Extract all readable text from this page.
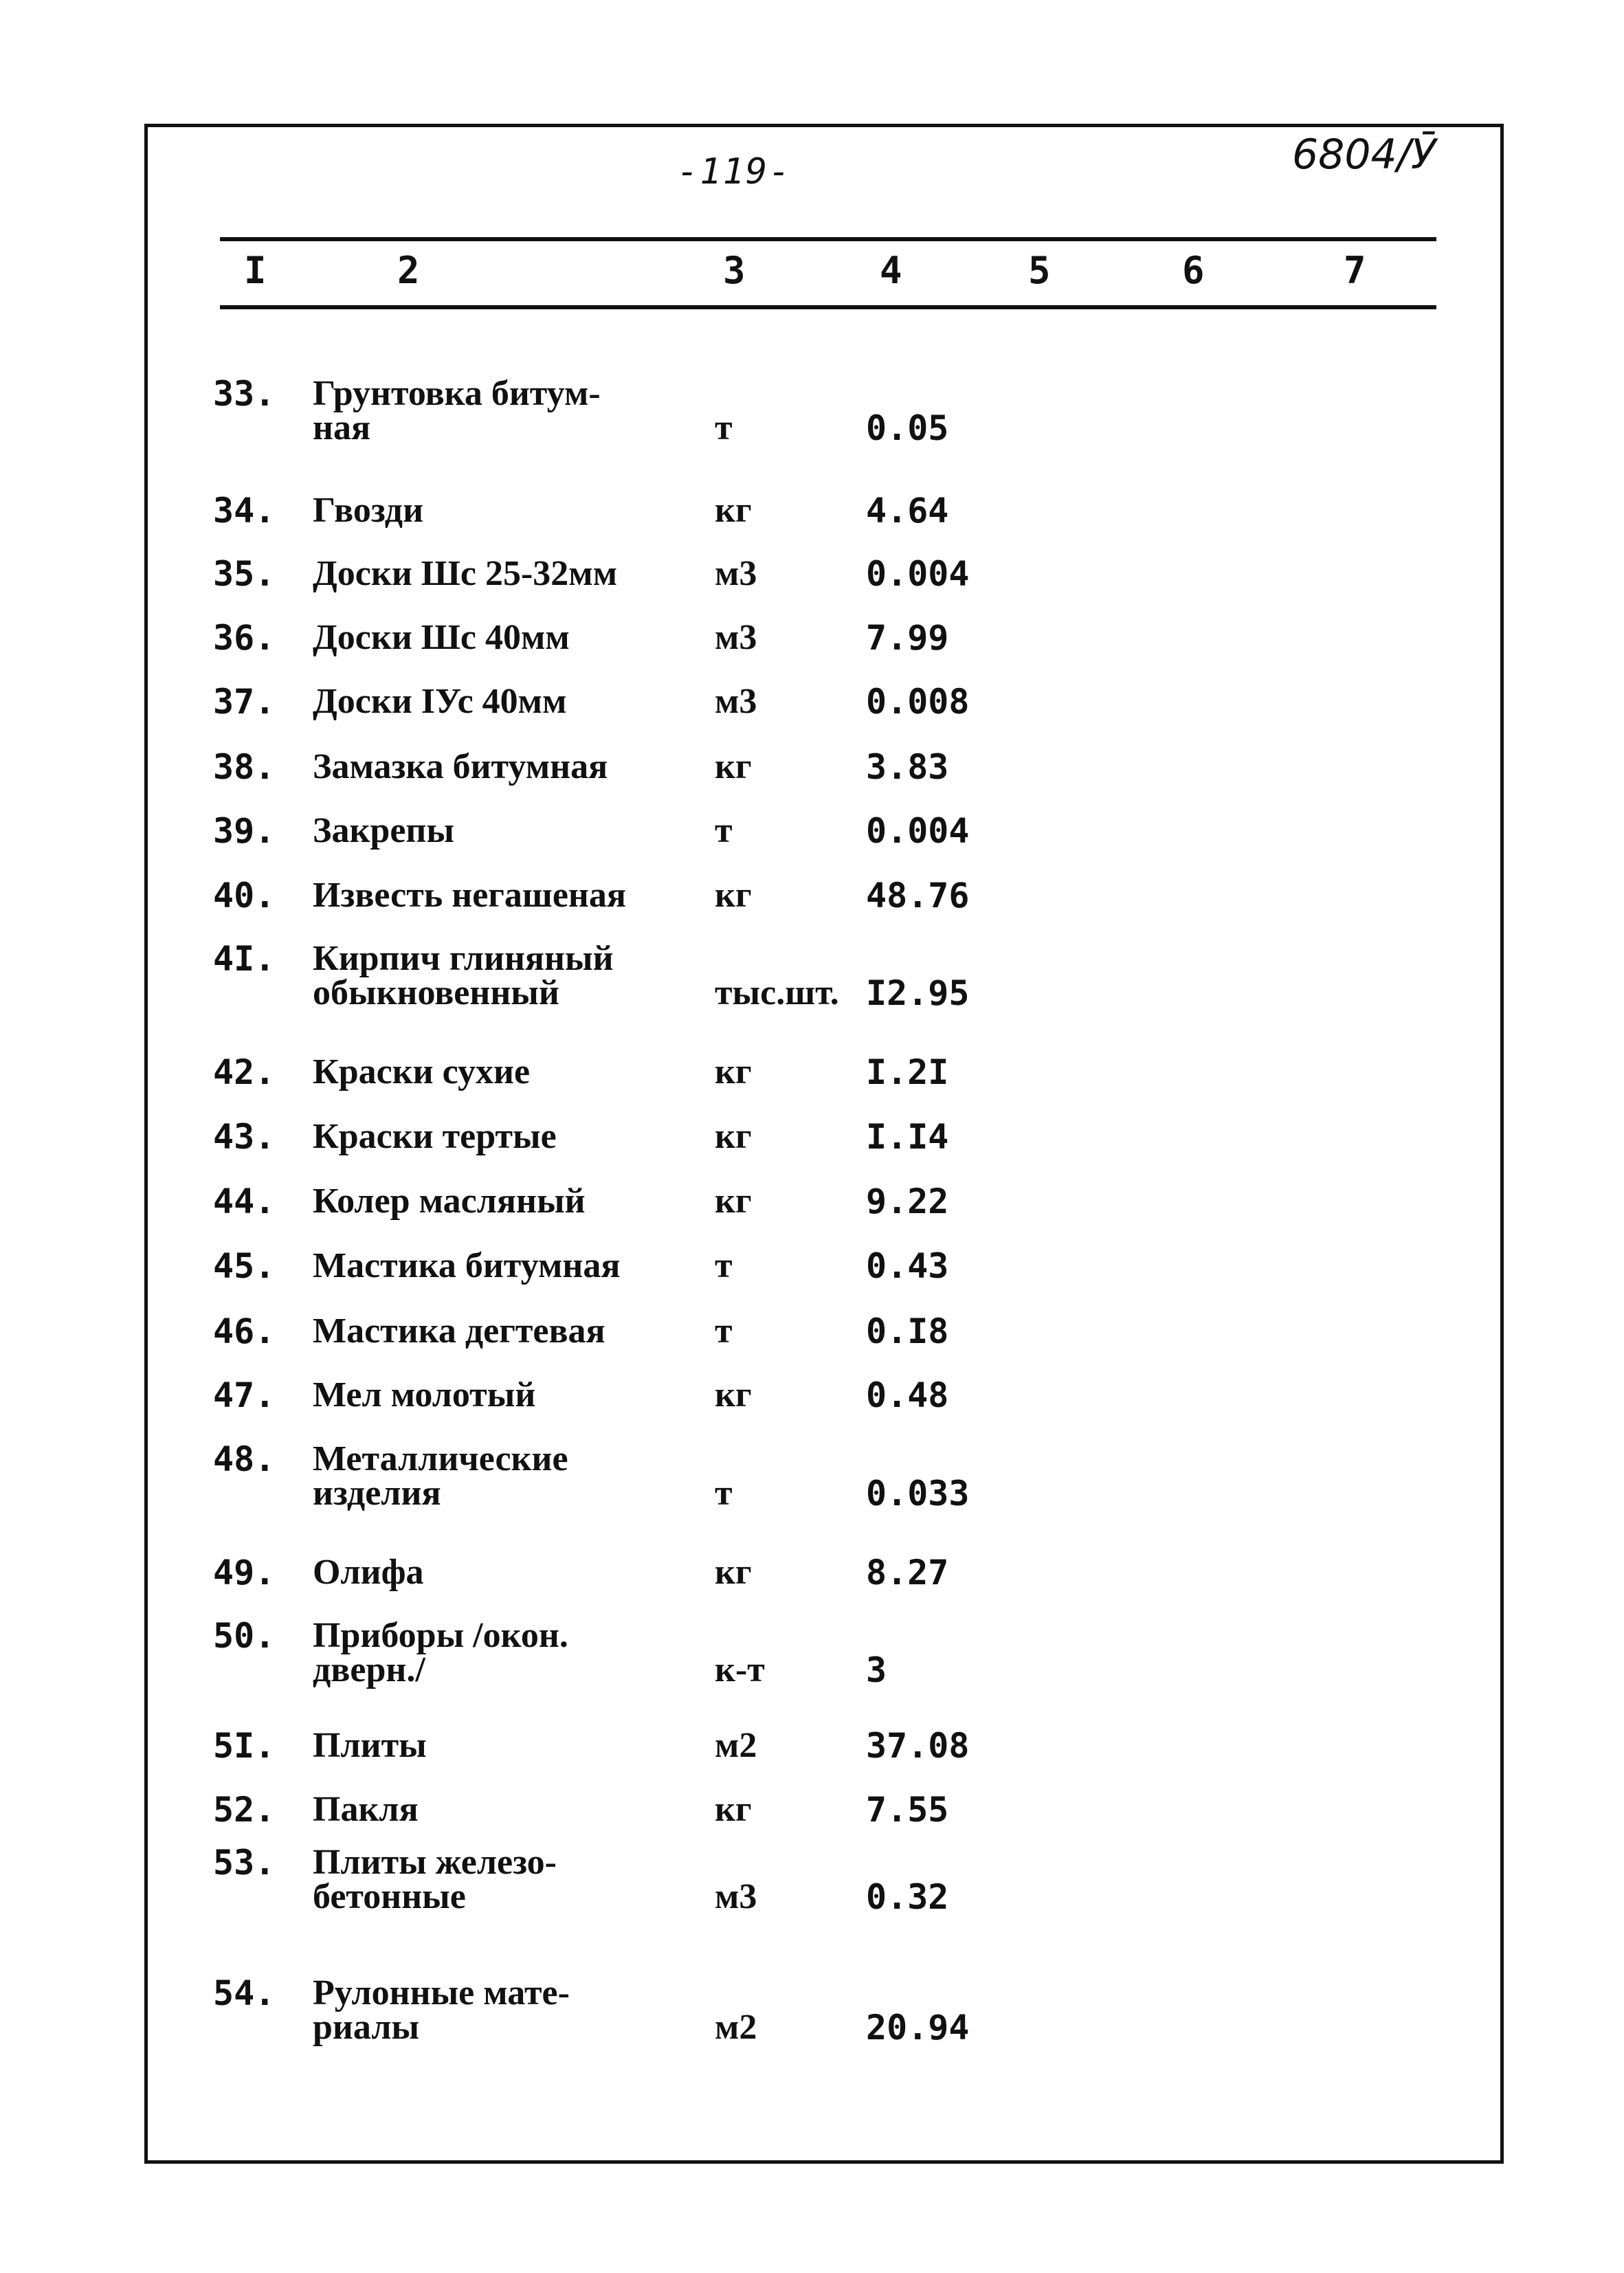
-119-	6804/Ӯ
I	2	3	4	5	6	7
33. Грунтовка битум-
ная	т	0.05
34. Гвозди	кг	4.64
35. Доски Шс 25-32мм	м3	0.004
36. Доски Шс 40мм	м3	7.99
37. Доски IУс 40мм	м3	0.008
38. Замазка битумная	кг	3.83
39. Закрепы	т	0.004
40. Известь негашеная кг	48.76
4I. Кирпич глиняный
обыкновенный	тыс.шт. I2.95
42. Краски сухие	кг	I.2I
43. Краски тертые	кг	I.I4
44. Колер масляный	кг	9.22
45. Мастика битумная	т	0.43
46. Мастика дегтевая	т	0.I8
47. Мел молотый	кг	0.48
48. Металлические
изделия	т	0.033
49. Олифа	кг	8.27
50. Приборы /окон.
дверн./	к-т	3
5I. Плиты	м2	37.08
52. Пакля	кг	7.55
53. Плиты железо-
бетонные	м3	0.32
54. Рулонные мате-
риалы	м2	20.94
